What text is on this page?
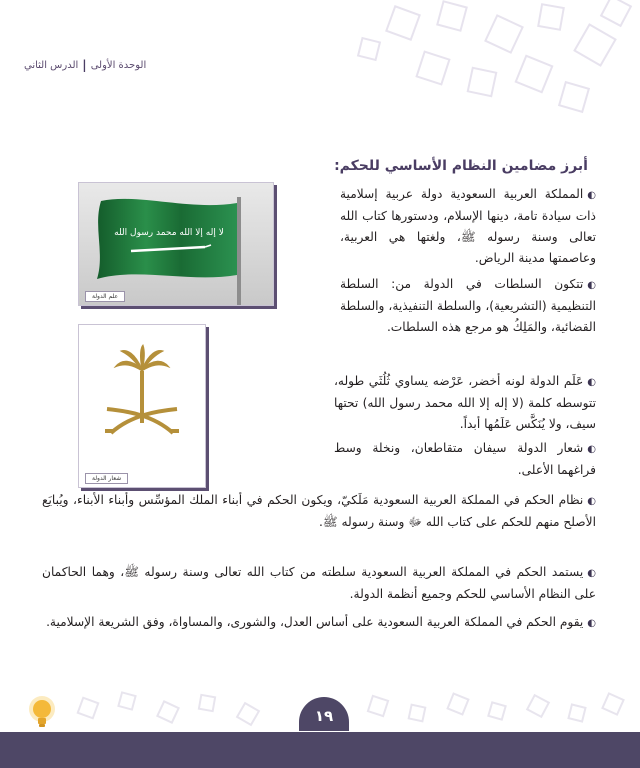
الوحدة الأولى
|
الدرس الثاني
أبرز مضامين النظام الأساسي للحكم:
لا إله إلا الله محمد رسول الله
علم الدولة
شعار الدولة
◐المملكة العربية السعودية دولة عربية إسلامية ذات سيادة تامة، دينها الإسلام، ودستورها كتاب الله تعالى وسنة رسوله ﷺ، ولغتها هي العربية، وعاصمتها مدينة الرياض.
◐تتكون السلطات في الدولة من: السلطة التنظيمية (التشريعية)، والسلطة التنفيذية، والسلطة القضائية، والمَلِكُ هو مرجع هذه السلطات.
◐عَلَم الدولة لونه أخضر، عَرْضه يساوي ثُلُثَي طوله، تتوسطه كلمة (لا إله إلا الله محمد رسول الله) تحتها سيف، ولا يُنَكَّس عَلَمُها أبداً.
◐شعار الدولة سيفان متقاطعان، ونخلة وسط فراغهما الأعلى.
◐نظام الحكم في المملكة العربية السعودية مَلَكيّ، ويكون الحكم في أبناء الملك المؤسِّس وأبناء الأبناء، ويُبايَع الأصلح منهم للحكم على كتاب الله ﷻ وسنة رسوله ﷺ.
◐يستمد الحكم في المملكة العربية السعودية سلطته من كتاب الله تعالى وسنة رسوله ﷺ، وهما الحاكمان على النظام الأساسي للحكم وجميع أنظمة الدولة.
◐يقوم الحكم في المملكة العربية السعودية على أساس العدل، والشورى، والمساواة، وفق الشريعة الإسلامية.
١٩
